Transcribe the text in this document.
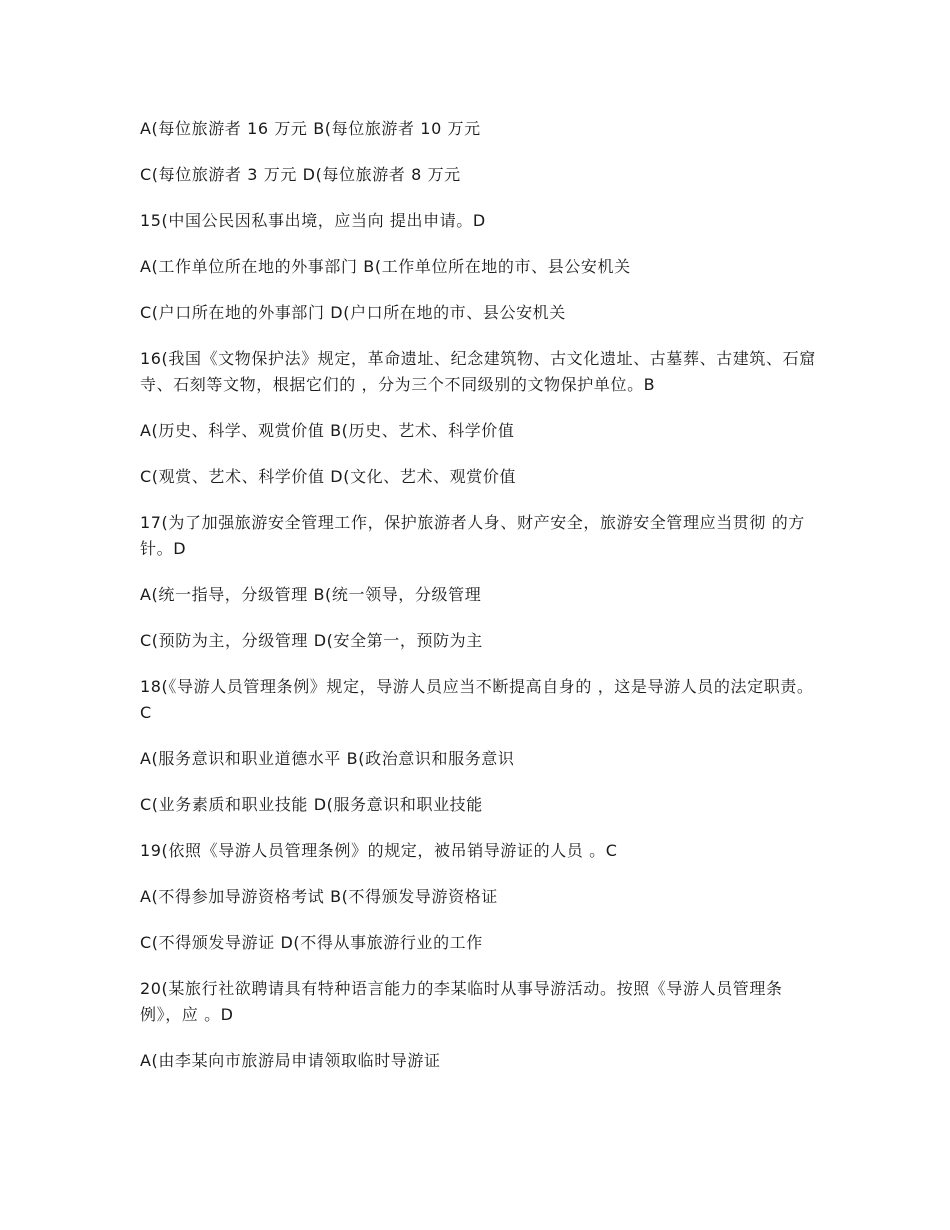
A(每位旅游者 16 万元 B(每位旅游者 10 万元
C(每位旅游者 3 万元 D(每位旅游者 8 万元
15(中国公民因私事出境，应当向 提出申请。D
A(工作单位所在地的外事部门 B(工作单位所在地的市、县公安机关
C(户口所在地的外事部门 D(户口所在地的市、县公安机关
16(我国《文物保护法》规定，革命遗址、纪念建筑物、古文化遗址、古墓葬、古建筑、石窟寺、石刻等文物，根据它们的 ，分为三个不同级别的文物保护单位。B
A(历史、科学、观赏价值 B(历史、艺术、科学价值
C(观赏、艺术、科学价值 D(文化、艺术、观赏价值
17(为了加强旅游安全管理工作，保护旅游者人身、财产安全，旅游安全管理应当贯彻 的方针。D
A(统一指导，分级管理 B(统一领导，分级管理
C(预防为主，分级管理 D(安全第一，预防为主
18(《导游人员管理条例》规定，导游人员应当不断提高自身的 ，这是导游人员的法定职责。C
A(服务意识和职业道德水平 B(政治意识和服务意识
C(业务素质和职业技能 D(服务意识和职业技能
19(依照《导游人员管理条例》的规定，被吊销导游证的人员 。C
A(不得参加导游资格考试 B(不得颁发导游资格证
C(不得颁发导游证 D(不得从事旅游行业的工作
20(某旅行社欲聘请具有特种语言能力的李某临时从事导游活动。按照《导游人员管理条例》，应 。D
A(由李某向市旅游局申请领取临时导游证
